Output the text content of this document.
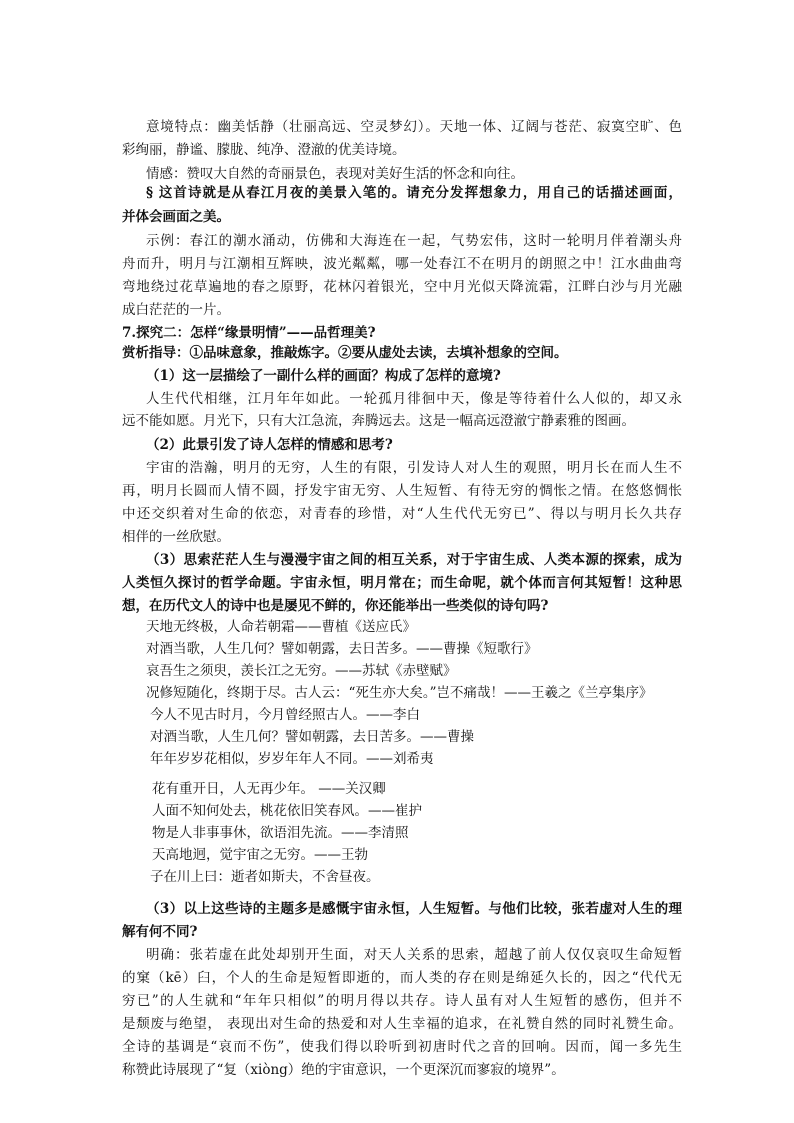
意境特点：幽美恬静（壮丽高远、空灵梦幻）。天地一体、辽阔与苍茫、寂寞空旷、色
彩绚丽，静谧、朦胧、纯净、澄澈的优美诗境。
情感：赞叹大自然的奇丽景色，表现对美好生活的怀念和向往。
§ 这首诗就是从春江月夜的美景入笔的。请充分发挥想象力，用自己的话描述画面，
并体会画面之美。
示例：春江的潮水涌动，仿佛和大海连在一起，气势宏伟，这时一轮明月伴着潮头舟
舟而升，明月与江潮相互辉映，波光粼粼，哪一处春江不在明月的朗照之中！江水曲曲弯
弯地绕过花草遍地的春之原野，花林闪着银光，空中月光似天降流霜，江畔白沙与月光融
成白茫茫的一片。
7.探究二：怎样“缘景明情”——品哲理美?
赏析指导：①品味意象，推敲炼字。②要从虚处去读，去填补想象的空间。
（1）这一层描绘了一副什么样的画面？构成了怎样的意境?
人生代代相继，江月年年如此。一轮孤月徘徊中天，像是等待着什么人似的，却又永
远不能如愿。月光下，只有大江急流，奔腾远去。这是一幅高远澄澈宁静素雅的图画。
（2）此景引发了诗人怎样的情感和思考?
宇宙的浩瀚，明月的无穷，人生的有限，引发诗人对人生的观照，明月长在而人生不
再，明月长圆而人情不圆，抒发宇宙无穷、人生短暂、有待无穷的惆怅之情。在悠悠惆怅
中还交织着对生命的依恋，对青春的珍惜，对“人生代代无穷已”、得以与明月长久共存
相伴的一丝欣慰。
（3）思索茫茫人生与漫漫宇宙之间的相互关系，对于宇宙生成、人类本源的探索，成为
人类恒久探讨的哲学命题。宇宙永恒，明月常在；而生命呢，就个体而言何其短暂！这种思
想，在历代文人的诗中也是屡见不鲜的，你还能举出一些类似的诗句吗?
天地无终极，人命若朝霜——曹植《送应氏》
对酒当歌，人生几何？譬如朝露，去日苦多。——曹操《短歌行》
哀吾生之须臾，羡长江之无穷。——苏轼《赤壁赋》
况修短随化，终期于尽。古人云：“死生亦大矣。”岂不痛哉！——王羲之《兰亭集序》
今人不见古时月，今月曾经照古人。——李白
对酒当歌，人生几何？譬如朝露，去日苦多。——曹操
年年岁岁花相似，岁岁年年人不同。——刘希夷
花有重开日，人无再少年。 ——关汉卿
人面不知何处去，桃花依旧笑春风。——崔护
物是人非事事休，欲语泪先流。——李清照
天高地迥，觉宇宙之无穷。——王勃
子在川上曰：逝者如斯夫，不舍昼夜。
（3）以上这些诗的主题多是感慨宇宙永恒，人生短暂。与他们比较，张若虚对人生的理
解有何不同?
明确：张若虚在此处却别开生面，对天人关系的思索，超越了前人仅仅哀叹生命短暂
的窠（kē）臼，个人的生命是短暂即逝的，而人类的存在则是绵延久长的，因之“代代无
穷已”的人生就和“年年只相似”的明月得以共存。诗人虽有对人生短暂的感伤，但并不
是颓废与绝望， 表现出对生命的热爱和对人生幸福的追求，在礼赞自然的同时礼赞生命。
全诗的基调是“哀而不伤”，使我们得以聆听到初唐时代之音的回响。因而，闻一多先生
称赞此诗展现了“复（xiòng）绝的宇宙意识，一个更深沉而寥寂的境界”。
